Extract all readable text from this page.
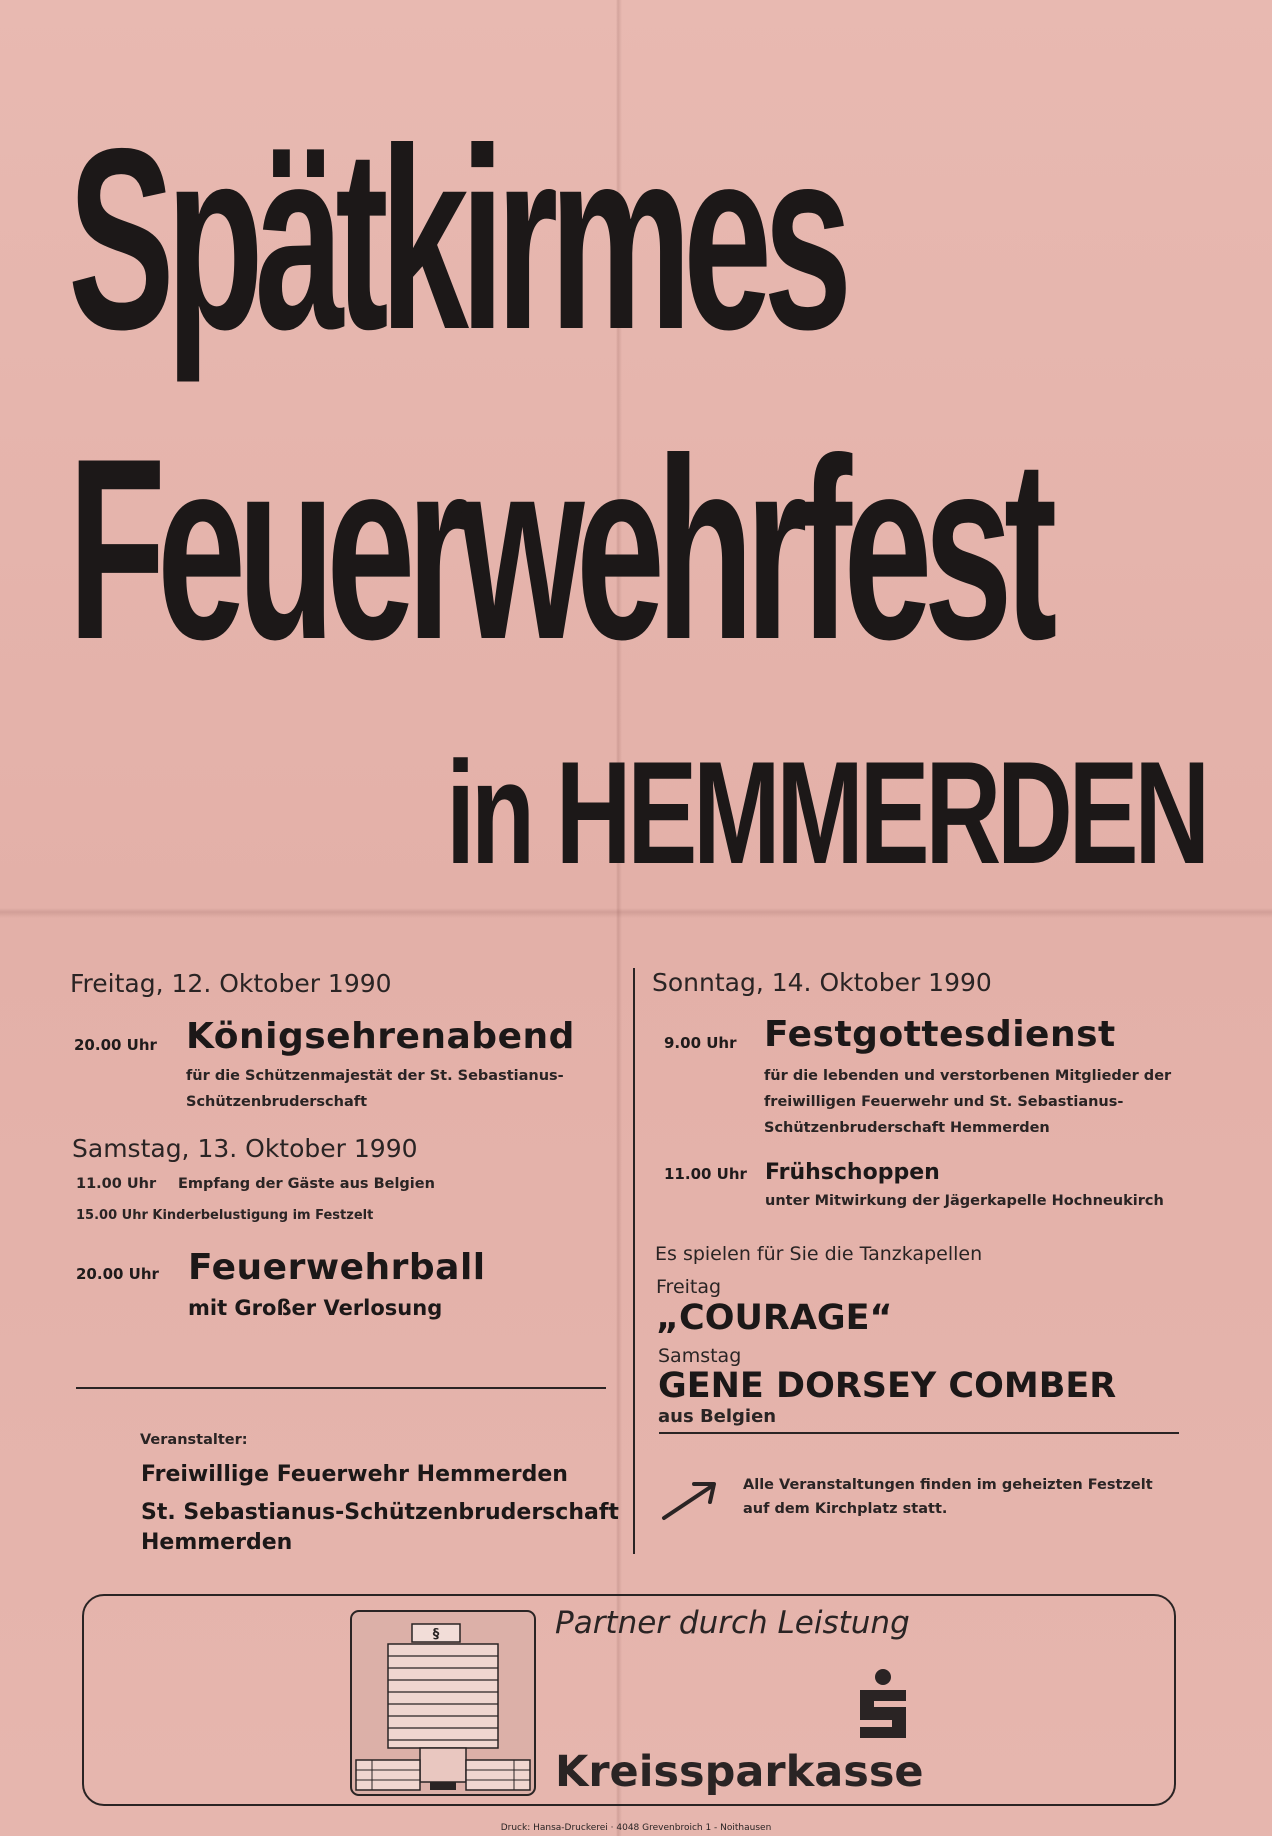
Spätkirmes
Feuerwehrfest
in HEMMERDEN
Freitag, 12. Oktober 1990
20.00 Uhr Königsehrenabend
für die Schützenmajestät der St. Sebastianus-
Schützenbruderschaft
Samstag, 13. Oktober 1990
11.00 Uhr Empfang der Gäste aus Belgien
15.00 Uhr Kinderbelustigung im Festzelt
20.00 Uhr Feuerwehrball
mit Großer Verlosung
Veranstalter:
Freiwillige Feuerwehr Hemmerden
St. Sebastianus-Schützenbruderschaft
Hemmerden
Sonntag, 14. Oktober 1990
9.00 Uhr Festgottesdienst
für die lebenden und verstorbenen Mitglieder der
freiwilligen Feuerwehr und St. Sebastianus-
Schützenbruderschaft Hemmerden
11.00 Uhr Frühschoppen
unter Mitwirkung der Jägerkapelle Hochneukirch
Es spielen für Sie die Tanzkapellen
Freitag
„COURAGE“
Samstag
GENE DORSEY COMBER
aus Belgien
Alle Veranstaltungen finden im geheizten Festzelt
auf dem Kirchplatz statt.
§	Partner durch Leistung
Kreissparkasse
Druck: Hansa-Druckerei · 4048 Grevenbroich 1 - Noithausen
